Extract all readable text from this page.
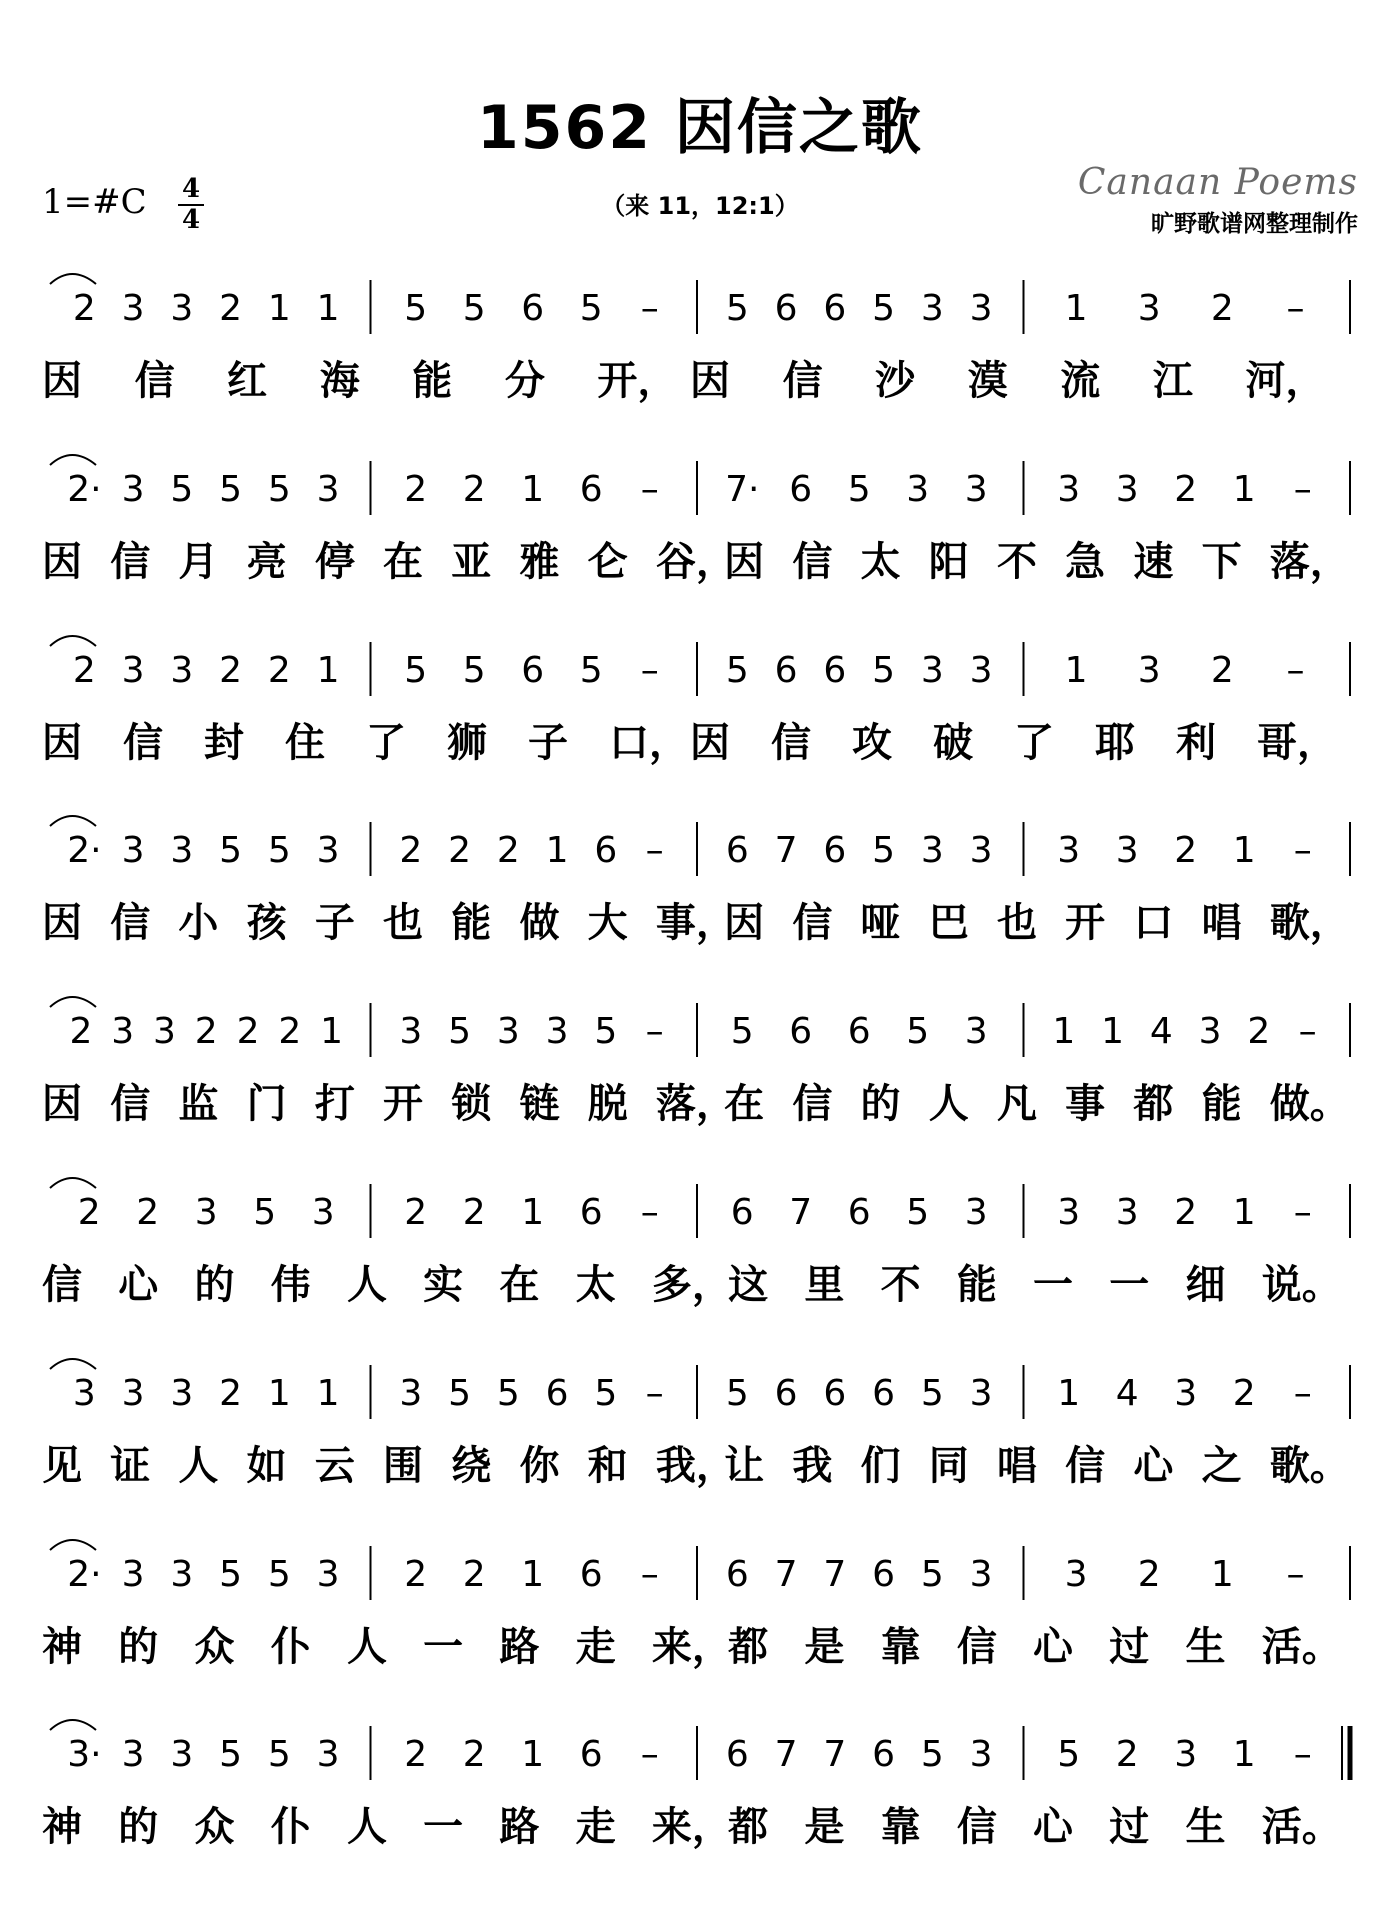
1562 因信之歌
1=#C 4
4	（来 11，12:1）
Canaan Poems
旷野歌谱网整理制作
2 3 3 2 1 1 5 5 6 5 – 5 6 6 5 3 3 1 3 2 –
因	信	红	海	能	分	开， 因	信	沙	漠	流	江	河，
2· 3 5 5 5 3 2 2 1 6 – 7· 6 5 3 3 3 3 2 1 –
因 信 月 亮 停 在 亚 雅 仑 谷，
因 信 太 阳 不 急 速 下 落，
2 3 3 2 2 1 5 5 6 5 – 5 6 6 5 3 3 1 3 2 –
因	信	封	住	了	狮	子	口， 因	信	攻	破	了	耶	利	哥，
2· 3 3 5 5 3 2 2 2 1 6 – 6 7 6 5 3 3 3 3 2 1 –
因 信 小 孩 子 也 能 做 大 事，
因 信 哑 巴 也 开 口 唱 歌，
2 3 3 2 2 2 1 3 5 3 3 5 – 5 6 6 5 3 1 1 4 3 2 –
因 信 监 门 打 开 锁 链 脱 落，
在 信 的 人 凡 事 都 能 做。
2 2 3 5 3 2 2 1 6 – 6 7 6 5 3 3 3 2 1 –
信 心 的 伟 人 实 在 太 多，
这 里 不 能 一 一 细 说。
3 3 3 2 1 1 3 5 5 6 5 – 5 6 6 6 5 3 1 4 3 2 –
见 证 人 如 云 围 绕 你 和 我，
让 我 们 同 唱 信 心 之 歌。
2· 3 3 5 5 3 2 2 1 6 – 6 7 7 6 5 3 3 2 1 –
神 的 众 仆 人 一 路 走 来，
都 是 靠 信 心 过 生 活。
3· 3 3 5 5 3 2 2 1 6 – 6 7 7 6 5 3 5 2 3 1 –
神 的 众 仆 人 一 路 走 来，
都 是 靠 信 心 过 生 活。
